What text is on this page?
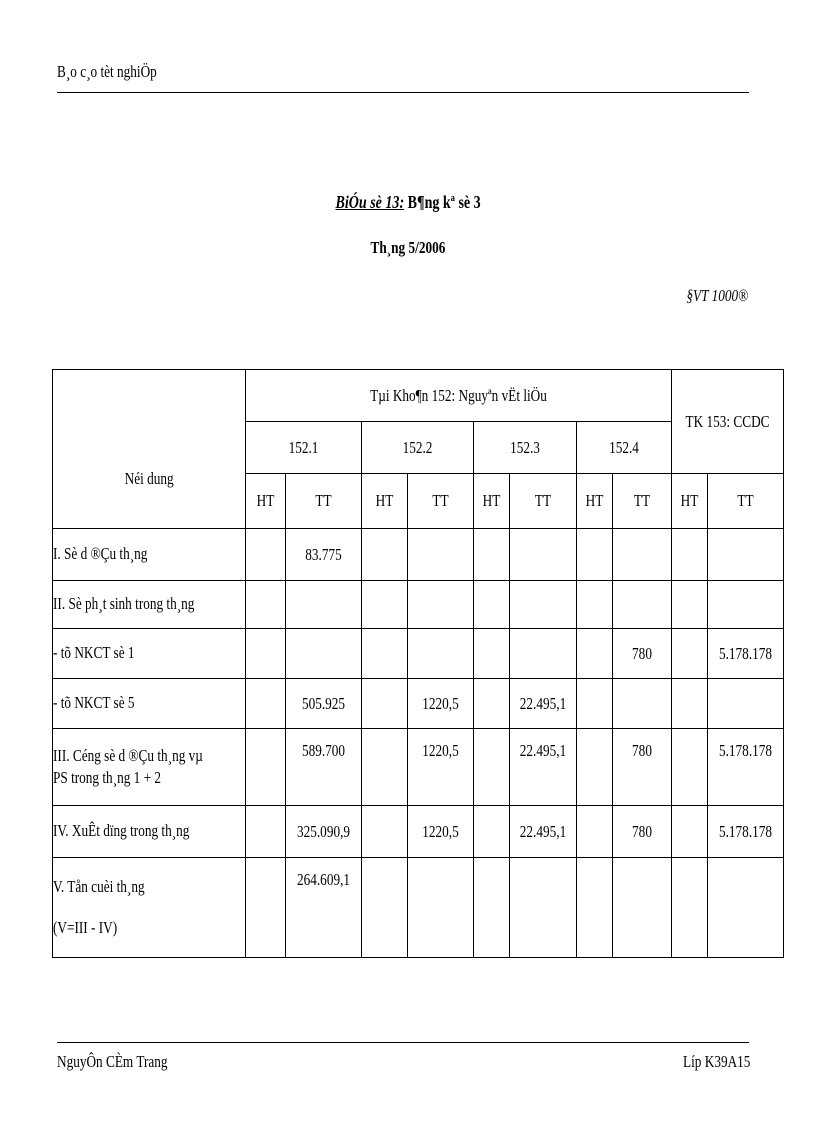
B¸o c¸o tèt nghiÖp
BiÓu sè 13: B¶ng kª sè 3
Th¸ng 5/2006
§VT 1000®
Néi dung	Tµi Kho¶n 152: Nguyªn vËt liÖu								TK 153: CCDC	

	152.1		152.2		152.3		152.4			

	HT	TT	HT	TT	HT	TT	HT	TT	HT	TT

I. Sè d ®Çu th¸ng		83.775								

II. Sè ph¸t sinh trong th¸ng										

- tõ NKCT sè 1								780		5.178.178

- tõ NKCT sè 5		505.925		1220,5		22.495,1				

III. Céng sè d ®Çu th¸ng vµ
PS trong th¸ng 1 + 2		589.700		1220,5		22.495,1		780		5.178.178

IV. XuÊt dïng trong th¸ng		325.090,9		1220,5		22.495,1		780		5.178.178

V. Tån cuèi th¸ng
(V=III - IV)		264.609,1								

NguyÔn CÈm Trang	Líp K39A15
